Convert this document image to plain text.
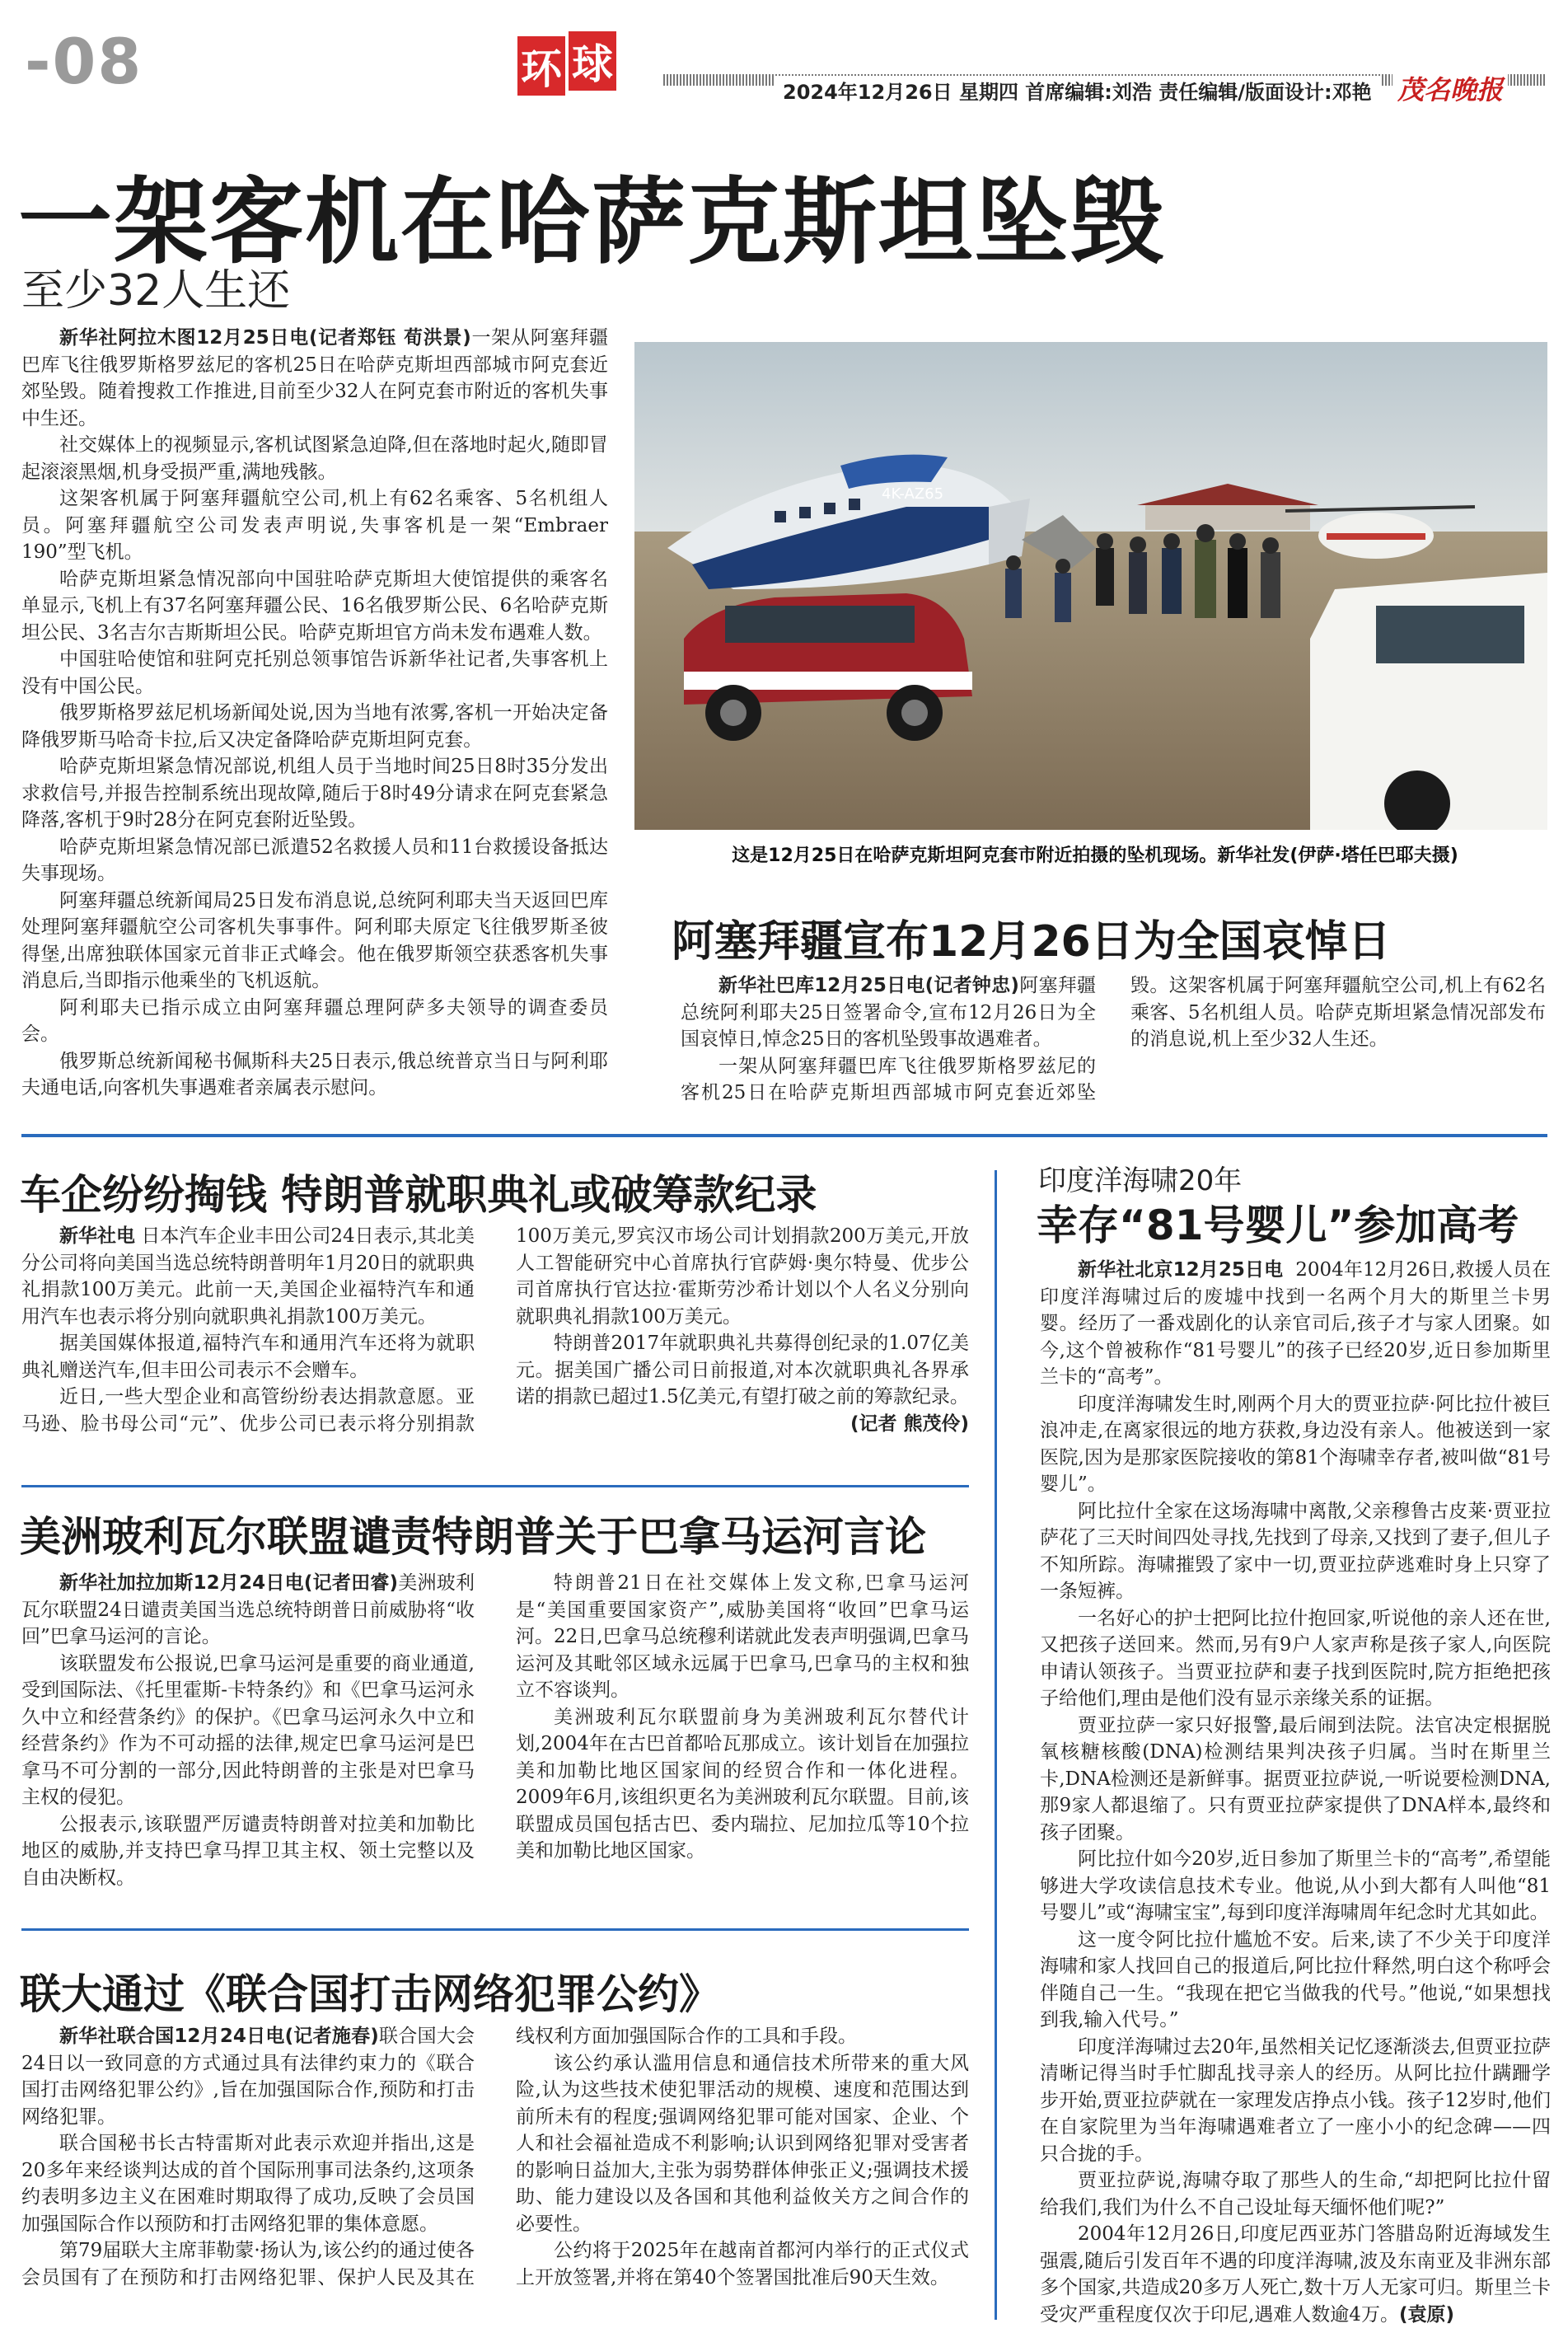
-08	环 球
2024年12月26日 星期四 首席编辑:刘浩 责任编辑/版面设计:邓艳 茂名晚报
一架客机在哈萨克斯坦坠毁
至少32人生还

新华社阿拉木图12月25日电(记者郑钰 荀洪景)一架从阿塞拜疆巴库飞往俄罗斯格罗兹尼的客机25日在哈萨克斯坦西部城市阿克套近郊坠毁。随着搜救工作推进,目前至少32人在阿克套市附近的客机失事中生还。

社交媒体上的视频显示,客机试图紧急迫降,但在落地时起火,随即冒起滚滚黑烟,机身受损严重,满地残骸。

这架客机属于阿塞拜疆航空公司,机上有62名乘客、5名机组人员。阿塞拜疆航空公司发表声明说,失事客机是一架“Embraer 190”型飞机。

哈萨克斯坦紧急情况部向中国驻哈萨克斯坦大使馆提供的乘客名单显示,飞机上有37名阿塞拜疆公民、16名俄罗斯公民、6名哈萨克斯坦公民、3名吉尔吉斯斯坦公民。哈萨克斯坦官方尚未发布遇难人数。

中国驻哈使馆和驻阿克托别总领事馆告诉新华社记者,失事客机上没有中国公民。

俄罗斯格罗兹尼机场新闻处说,因为当地有浓雾,客机一开始决定备降俄罗斯马哈奇卡拉,后又决定备降哈萨克斯坦阿克套。

哈萨克斯坦紧急情况部说,机组人员于当地时间25日8时35分发出求救信号,并报告控制系统出现故障,随后于8时49分请求在阿克套紧急降落,客机于9时28分在阿克套附近坠毁。

哈萨克斯坦紧急情况部已派遣52名救援人员和11台救援设备抵达失事现场。

阿塞拜疆总统新闻局25日发布消息说,总统阿利耶夫当天返回巴库处理阿塞拜疆航空公司客机失事事件。阿利耶夫原定飞往俄罗斯圣彼得堡,出席独联体国家元首非正式峰会。他在俄罗斯领空获悉客机失事消息后,当即指示他乘坐的飞机返航。

阿利耶夫已指示成立由阿塞拜疆总理阿萨多夫领导的调查委员会。

俄罗斯总统新闻秘书佩斯科夫25日表示,俄总统普京当日与阿利耶夫通电话,向客机失事遇难者亲属表示慰问。

4K-AZ65
这是12月25日在哈萨克斯坦阿克套市附近拍摄的坠机现场。新华社发(伊萨·塔任巴耶夫摄)
阿塞拜疆宣布12月26日为全国哀悼日

新华社巴库12月25日电(记者钟忠)阿塞拜疆总统阿利耶夫25日签署命令,宣布12月26日为全国哀悼日,悼念25日的客机坠毁事故遇难者。

一架从阿塞拜疆巴库飞往俄罗斯格罗兹尼的客机25日在哈萨克斯坦西部城市阿克套近郊坠毁。这架客机属于阿塞拜疆航空公司,机上有62名乘客、5名机组人员。哈萨克斯坦紧急情况部发布的消息说,机上至少32人生还。

车企纷纷掏钱 特朗普就职典礼或破筹款纪录

新华社电 日本汽车企业丰田公司24日表示,其北美分公司将向美国当选总统特朗普明年1月20日的就职典礼捐款100万美元。此前一天,美国企业福特汽车和通用汽车也表示将分别向就职典礼捐款100万美元。

据美国媒体报道,福特汽车和通用汽车还将为就职典礼赠送汽车,但丰田公司表示不会赠车。

近日,一些大型企业和高管纷纷表达捐款意愿。亚马逊、脸书母公司“元”、优步公司已表示将分别捐款100万美元,罗宾汉市场公司计划捐款200万美元,开放人工智能研究中心首席执行官萨姆·奥尔特曼、优步公司首席执行官达拉·霍斯劳沙希计划以个人名义分别向就职典礼捐款100万美元。

特朗普2017年就职典礼共募得创纪录的1.07亿美元。据美国广播公司日前报道,对本次就职典礼各界承诺的捐款已超过1.5亿美元,有望打破之前的筹款纪录。

(记者 熊茂伶)
美洲玻利瓦尔联盟谴责特朗普关于巴拿马运河言论

新华社加拉加斯12月24日电(记者田睿)美洲玻利瓦尔联盟24日谴责美国当选总统特朗普日前威胁将“收回”巴拿马运河的言论。

该联盟发布公报说,巴拿马运河是重要的商业通道,受到国际法、《托里霍斯-卡特条约》和《巴拿马运河永久中立和经营条约》的保护。《巴拿马运河永久中立和经营条约》作为不可动摇的法律,规定巴拿马运河是巴拿马不可分割的一部分,因此特朗普的主张是对巴拿马主权的侵犯。

公报表示,该联盟严厉谴责特朗普对拉美和加勒比地区的威胁,并支持巴拿马捍卫其主权、领土完整以及自由决断权。

特朗普21日在社交媒体上发文称,巴拿马运河是“美国重要国家资产”,威胁美国将“收回”巴拿马运河。22日,巴拿马总统穆利诺就此发表声明强调,巴拿马运河及其毗邻区域永远属于巴拿马,巴拿马的主权和独立不容谈判。

美洲玻利瓦尔联盟前身为美洲玻利瓦尔替代计划,2004年在古巴首都哈瓦那成立。该计划旨在加强拉美和加勒比地区国家间的经贸合作和一体化进程。2009年6月,该组织更名为美洲玻利瓦尔联盟。目前,该联盟成员国包括古巴、委内瑞拉、尼加拉瓜等10个拉美和加勒比地区国家。

联大通过《联合国打击网络犯罪公约》

新华社联合国12月24日电(记者施春)联合国大会24日以一致同意的方式通过具有法律约束力的《联合国打击网络犯罪公约》,旨在加强国际合作,预防和打击网络犯罪。

联合国秘书长古特雷斯对此表示欢迎并指出,这是20多年来经谈判达成的首个国际刑事司法条约,这项条约表明多边主义在困难时期取得了成功,反映了会员国加强国际合作以预防和打击网络犯罪的集体意愿。

第79届联大主席菲勒蒙·扬认为,该公约的通过使各会员国有了在预防和打击网络犯罪、保护人民及其在线权利方面加强国际合作的工具和手段。

该公约承认滥用信息和通信技术所带来的重大风险,认为这些技术使犯罪活动的规模、速度和范围达到前所未有的程度;强调网络犯罪可能对国家、企业、个人和社会福祉造成不利影响;认识到网络犯罪对受害者的影响日益加大,主张为弱势群体伸张正义;强调技术援助、能力建设以及各国和其他利益攸关方之间合作的必要性。

公约将于2025年在越南首都河内举行的正式仪式上开放签署,并将在第40个签署国批准后90天生效。

印度洋海啸20年
幸存“81号婴儿”参加高考

新华社北京12月25日电 2004年12月26日,救援人员在印度洋海啸过后的废墟中找到一名两个月大的斯里兰卡男婴。经历了一番戏剧化的认亲官司后,孩子才与家人团聚。如今,这个曾被称作“81号婴儿”的孩子已经20岁,近日参加斯里兰卡的“高考”。

印度洋海啸发生时,刚两个月大的贾亚拉萨·阿比拉什被巨浪冲走,在离家很远的地方获救,身边没有亲人。他被送到一家医院,因为是那家医院接收的第81个海啸幸存者,被叫做“81号婴儿”。

阿比拉什全家在这场海啸中离散,父亲穆鲁古皮莱·贾亚拉萨花了三天时间四处寻找,先找到了母亲,又找到了妻子,但儿子不知所踪。海啸摧毁了家中一切,贾亚拉萨逃难时身上只穿了一条短裤。

一名好心的护士把阿比拉什抱回家,听说他的亲人还在世,又把孩子送回来。然而,另有9户人家声称是孩子家人,向医院申请认领孩子。当贾亚拉萨和妻子找到医院时,院方拒绝把孩子给他们,理由是他们没有显示亲缘关系的证据。

贾亚拉萨一家只好报警,最后闹到法院。法官决定根据脱氧核糖核酸(DNA)检测结果判决孩子归属。当时在斯里兰卡,DNA检测还是新鲜事。据贾亚拉萨说,一听说要检测DNA,那9家人都退缩了。只有贾亚拉萨家提供了DNA样本,最终和孩子团聚。

阿比拉什如今20岁,近日参加了斯里兰卡的“高考”,希望能够进大学攻读信息技术专业。他说,从小到大都有人叫他“81号婴儿”或“海啸宝宝”,每到印度洋海啸周年纪念时尤其如此。

这一度令阿比拉什尴尬不安。后来,读了不少关于印度洋海啸和家人找回自己的报道后,阿比拉什释然,明白这个称呼会伴随自己一生。“我现在把它当做我的代号。”他说,“如果想找到我,输入代号。”

印度洋海啸过去20年,虽然相关记忆逐渐淡去,但贾亚拉萨清晰记得当时手忙脚乱找寻亲人的经历。从阿比拉什蹒跚学步开始,贾亚拉萨就在一家理发店挣点小钱。孩子12岁时,他们在自家院里为当年海啸遇难者立了一座小小的纪念碑——四只合拢的手。

贾亚拉萨说,海啸夺取了那些人的生命,“却把阿比拉什留给我们,我们为什么不自己设址每天缅怀他们呢?”

2004年12月26日,印度尼西亚苏门答腊岛附近海域发生强震,随后引发百年不遇的印度洋海啸,波及东南亚及非洲东部多个国家,共造成20多万人死亡,数十万人无家可归。斯里兰卡受灾严重程度仅次于印尼,遇难人数逾4万。(袁原)
